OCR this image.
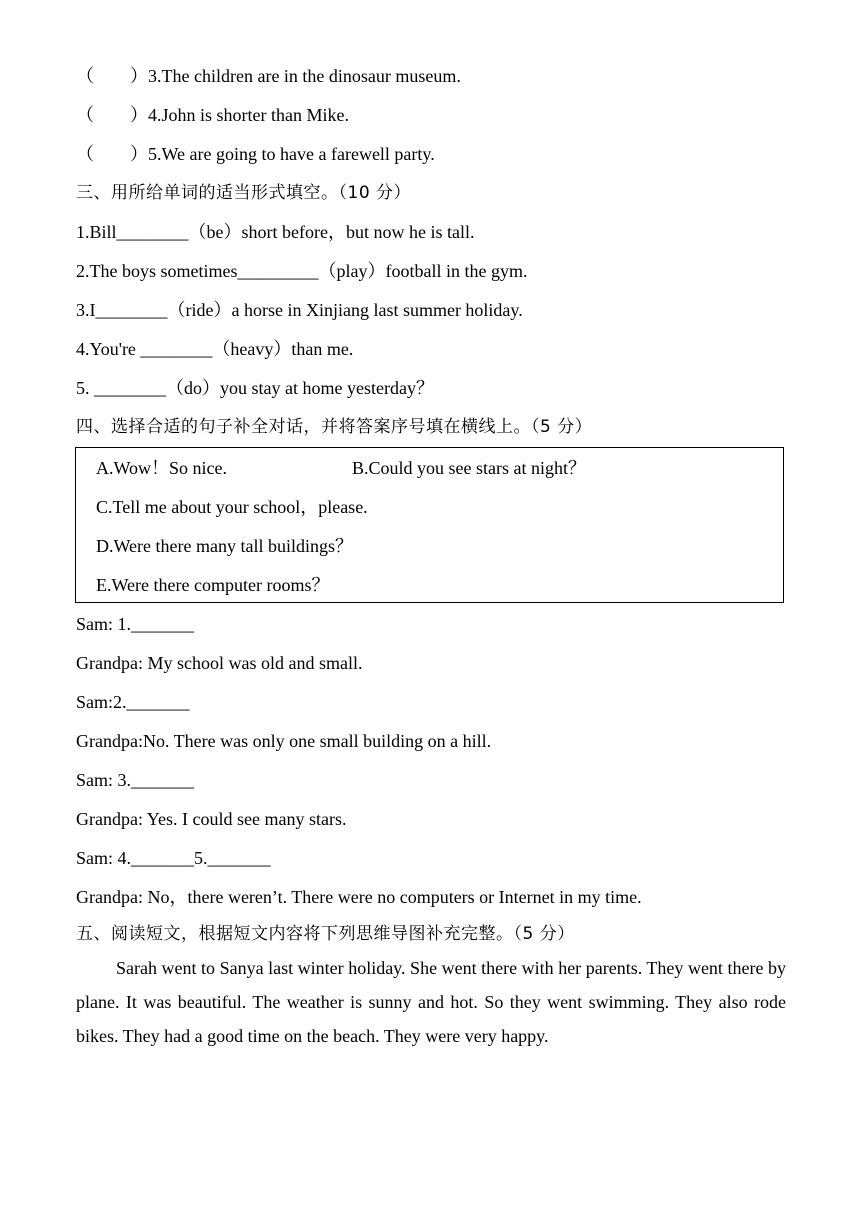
（　　）3.The children are in the dinosaur museum.
（　　）4.John is shorter than Mike.
（　　）5.We are going to have a farewell party.
三、用所给单词的适当形式填空。（10 分）
1.Bill________（be）short before，but now he is tall.
2.The boys sometimes_________（play）football in the gym.
3.I________（ride）a horse in Xinjiang last summer holiday.
4.You're ________（heavy）than me.
5. ________（do）you stay at home yesterday？
四、选择合适的句子补全对话，并将答案序号填在横线上。（5 分）
A.Wow！So nice.	B.Could you see stars at night？
C.Tell me about your school，please.
D.Were there many tall buildings？
E.Were there computer rooms？
Sam: 1._______
Grandpa: My school was old and small.
Sam:2._______
Grandpa:No. There was only one small building on a hill.
Sam: 3._______
Grandpa: Yes. I could see many stars.
Sam: 4._______5._______
Grandpa: No，there weren’t. There were no computers or Internet in my time.
五、阅读短文，根据短文内容将下列思维导图补充完整。（5 分）

Sarah went to Sanya last winter holiday. She went there with her parents. They went there by plane. It was beautiful. The weather is sunny and hot. So they went swimming. They also rode bikes. They had a good time on the beach. They were very happy.
